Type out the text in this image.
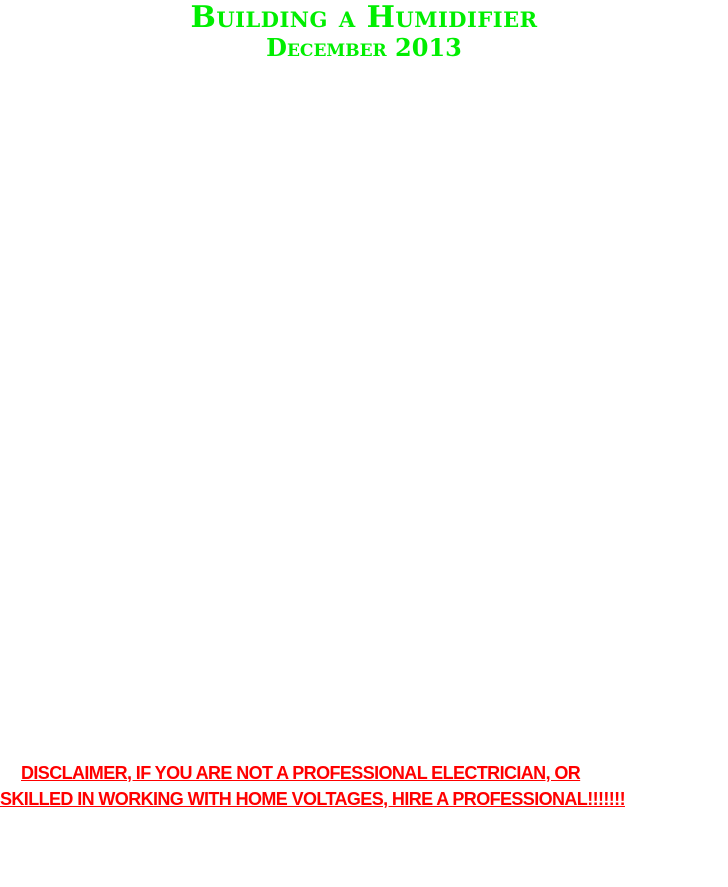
Building a Humidifier
December 2013
DISCLAIMER, IF YOU ARE NOT A PROFESSIONAL ELECTRICIAN, OR
SKILLED IN WORKING WITH HOME VOLTAGES, HIRE A PROFESSIONAL!!!!!!!
